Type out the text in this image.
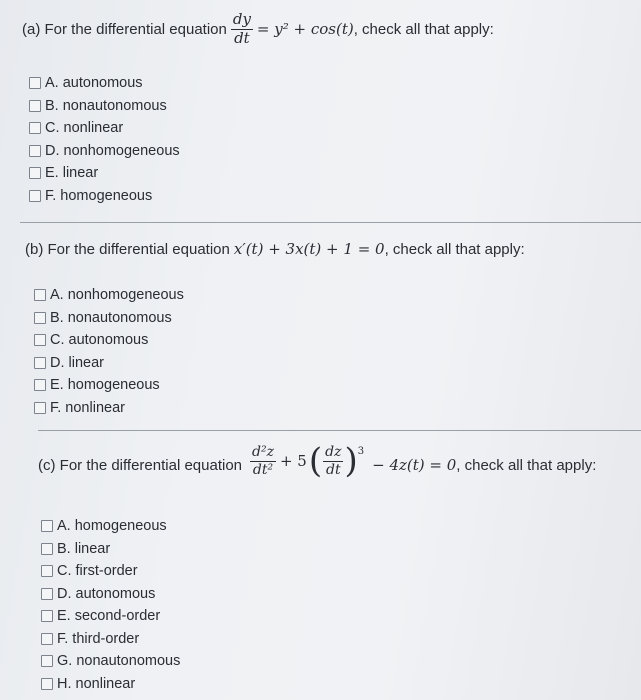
(a) For the differential equation $\frac{dy}{dt} = y^2 + \cos(t)$ , check all that apply:
A. autonomous
B. nonautonomous
C. nonlinear
D. nonhomogeneous
E. linear
F. homogeneous
(b) For the differential equation x′(t) + 3x(t) + 1 = 0 , check all that apply:
A. nonhomogeneous
B. nonautonomous
C. autonomous
D. linear
E. homogeneous
F. nonlinear
(c) For the differential equation $\frac{\text{d²z}}{\text{dt²}} + 5$ ( $\frac{dz}{dt}$ ) 3
− 4z(t) = 0 , check all that apply:
A. homogeneous
B. linear
C. first-order
D. autonomous
E. second-order
F. third-order
G. nonautonomous
H. nonlinear
